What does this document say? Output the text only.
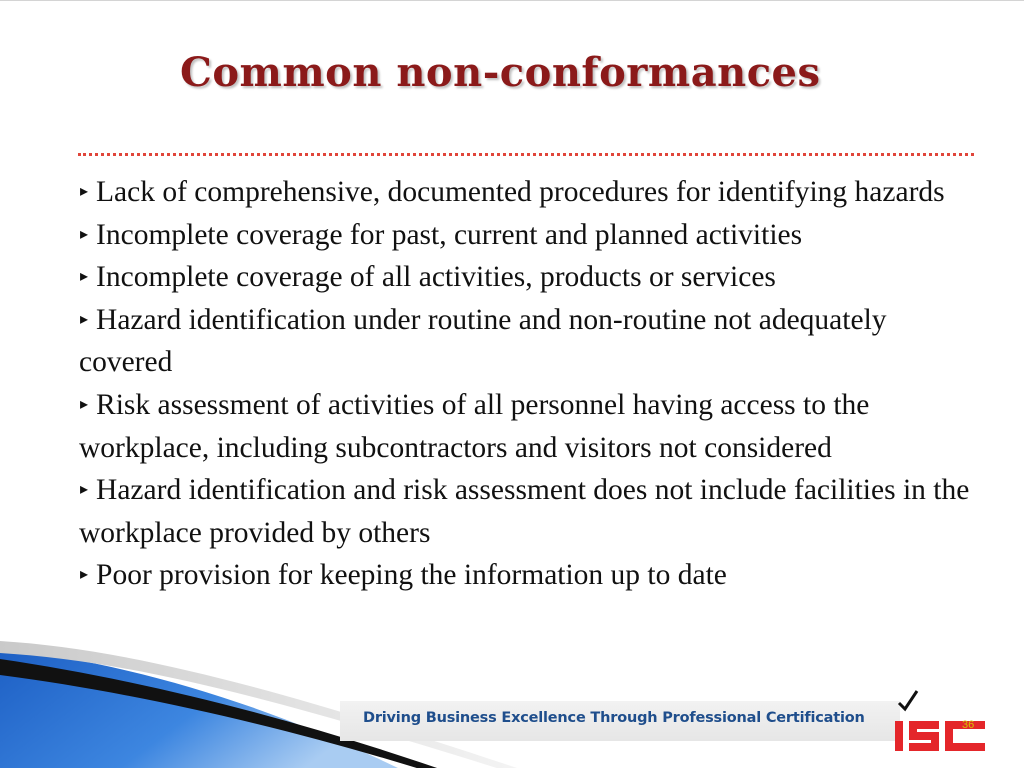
Common non-conformances
▸ Lack of comprehensive, documented procedures for identifying hazards
▸ Incomplete coverage for past, current and planned activities
▸ Incomplete coverage of all activities, products or services
▸ Hazard identification under routine and non-routine not adequately covered
▸ Risk assessment of activities of all personnel having access to the workplace, including subcontractors and visitors not considered
▸ Hazard identification and risk assessment does not include facilities in the workplace provided by others
▸ Poor provision for keeping the information up to date
Driving Business Excellence Through Professional Certification	36
